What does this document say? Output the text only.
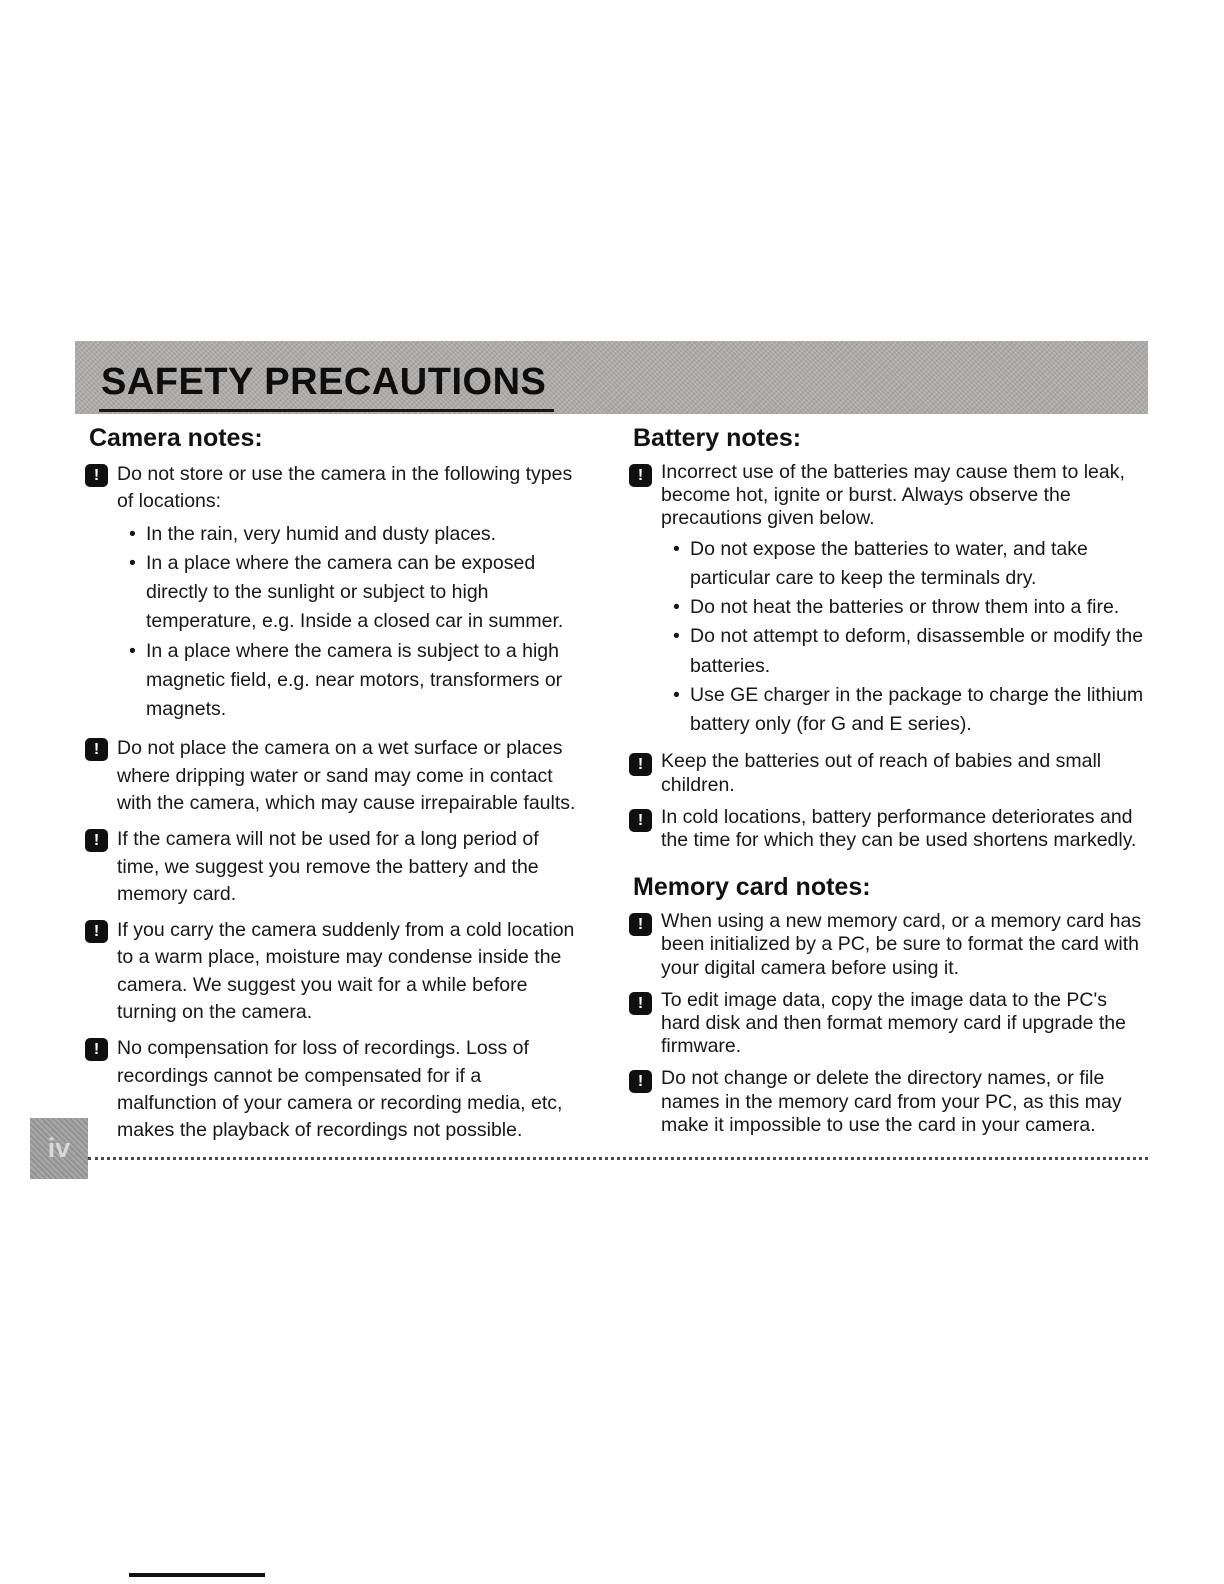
SAFETY PRECAUTIONS
Camera notes:
! Do not store or use the camera in the following types of locations:
• In the rain, very humid and dusty places.
• In a place where the camera can be exposed directly to the sunlight or subject to high temperature, e.g. Inside a closed car in summer.
• In a place where the camera is subject to a high magnetic field, e.g. near motors, transformers or magnets.
! Do not place the camera on a wet surface or places where dripping water or sand may come in contact with the camera, which may cause irrepairable faults.
! If the camera will not be used for a long period of time, we suggest you remove the battery and the memory card.
! If you carry the camera suddenly from a cold location to a warm place, moisture may condense inside the camera. We suggest you wait for a while before turning on the camera.
! No compensation for loss of recordings. Loss of recordings cannot be compensated for if a malfunction of your camera or recording media, etc, makes the playback of recordings not possible.
Battery notes:
! Incorrect use of the batteries may cause them to leak, become hot, ignite or burst. Always observe the precautions given below.
• Do not expose the batteries to water, and take particular care to keep the terminals dry.
• Do not heat the batteries or throw them into a fire.
• Do not attempt to deform, disassemble or modify the batteries.
• Use GE charger in the package to charge the lithium battery only (for G and E series).
! Keep the batteries out of reach of babies and small children.
! In cold locations, battery performance deteriorates and the time for which they can be used shortens markedly.
Memory card notes:
! When using a new memory card, or a memory card has been initialized by a PC, be sure to format the card with your digital camera before using it.
! To edit image data, copy the image data to the PC's hard disk and then format memory card if upgrade the firmware.
! Do not change or delete the directory names, or file names in the memory card from your PC, as this may make it impossible to use the card in your camera.
iv
